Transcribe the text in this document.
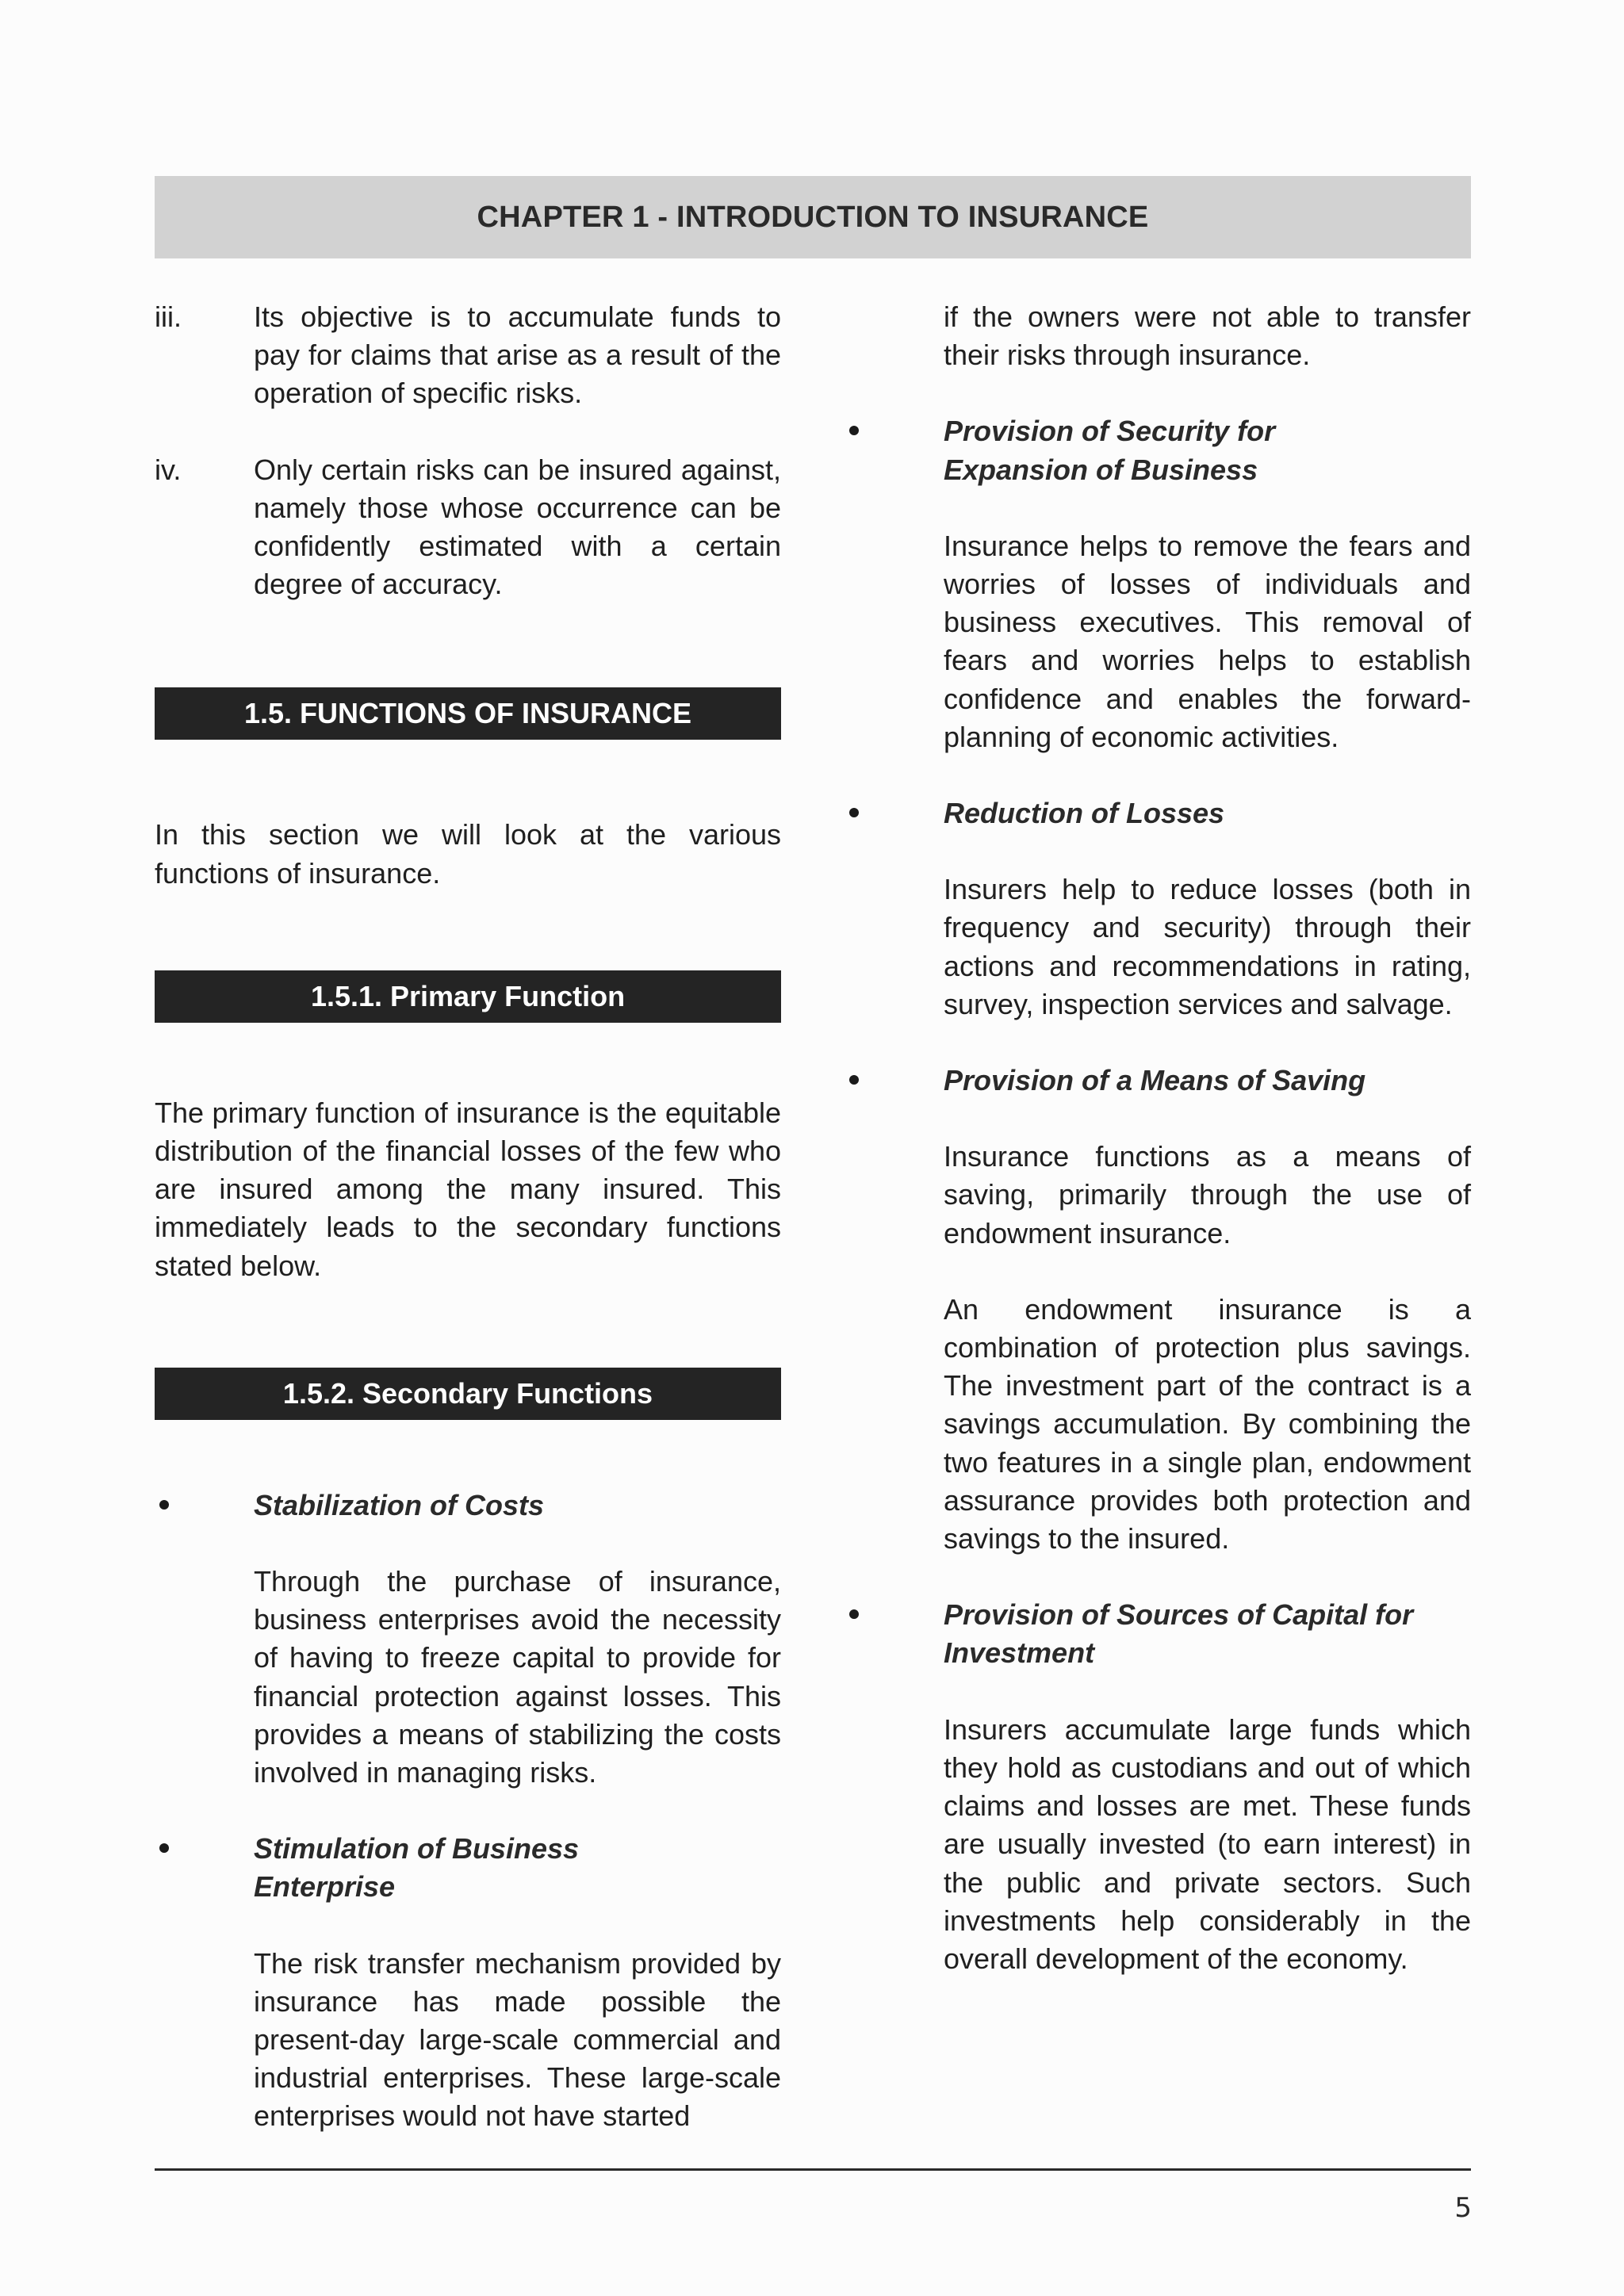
CHAPTER 1 - INTRODUCTION TO INSURANCE
iii.	Its objective is to accumulate funds to pay for claims that arise as a result of the operation of specific risks.

iv.	Only certain risks can be insured against, namely those whose occurrence can be confidently estimated with a certain degree of accuracy.

1.5. FUNCTIONS OF INSURANCE

In this section we will look at the various functions of insurance.

1.5.1. Primary Function

The primary function of insurance is the equitable distribution of the financial losses of the few who are insured among the many insured. This immediately leads to the secondary functions stated below.

1.5.2. Secondary Functions
Stabilization of Costs

Through the purchase of insurance, business enterprises avoid the necessity of having to freeze capital to provide for financial protection against losses. This provides a means of stabilizing the costs involved in managing risks.

Stimulation of Business Enterprise

The risk transfer mechanism provided by insurance has made possible the present-day large-scale commercial and industrial enterprises. These large-scale enterprises would not have started

if the owners were not able to transfer their risks through insurance.

Provision of Security for Expansion of Business

Insurance helps to remove the fears and worries of losses of individuals and business executives. This removal of fears and worries helps to establish confidence and enables the forward-planning of economic activities.

Reduction of Losses

Insurers help to reduce losses (both in frequency and security) through their actions and recommendations in rating, survey, inspection services and salvage.

Provision of a Means of Saving

Insurance functions as a means of saving, primarily through the use of endowment insurance.

An endowment insurance is a combination of protection plus savings. The investment part of the contract is a savings accumulation. By combining the two features in a single plan, endowment assurance provides both protection and savings to the insured.

Provision of Sources of Capital for Investment

Insurers accumulate large funds which they hold as custodians and out of which claims and losses are met. These funds are usually invested (to earn interest) in the public and private sectors. Such investments help considerably in the overall development of the economy.

5
